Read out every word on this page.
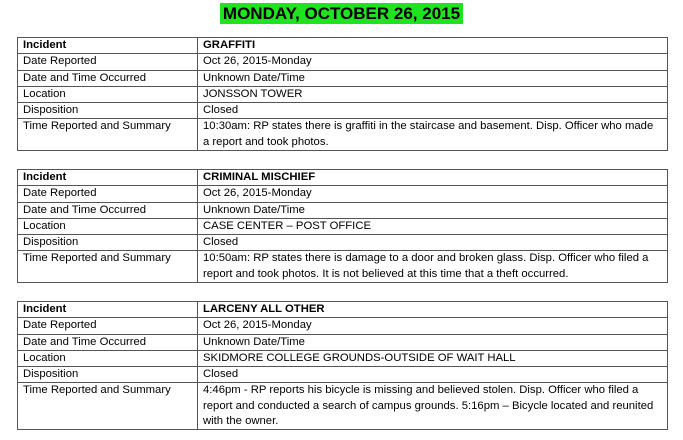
MONDAY, OCTOBER 26, 2015
Incident	GRAFFITI
Date Reported	Oct 26, 2015-Monday
Date and Time Occurred	Unknown Date/Time
Location	JONSSON TOWER
Disposition	Closed
Time Reported and Summary	10:30am: RP states there is graffiti in the staircase and basement. Disp. Officer who made a report and took photos.
Incident	CRIMINAL MISCHIEF
Date Reported	Oct 26, 2015-Monday
Date and Time Occurred	Unknown Date/Time
Location	CASE CENTER – POST OFFICE
Disposition	Closed
Time Reported and Summary	10:50am: RP states there is damage to a door and broken glass. Disp. Officer who filed a report and took photos. It is not believed at this time that a theft occurred.
Incident	LARCENY ALL OTHER
Date Reported	Oct 26, 2015-Monday
Date and Time Occurred	Unknown Date/Time
Location	SKIDMORE COLLEGE GROUNDS-OUTSIDE OF WAIT HALL
Disposition	Closed
Time Reported and Summary	4:46pm - RP reports his bicycle is missing and believed stolen. Disp. Officer who filed a report and conducted a search of campus grounds. 5:16pm – Bicycle located and reunited with the owner.
